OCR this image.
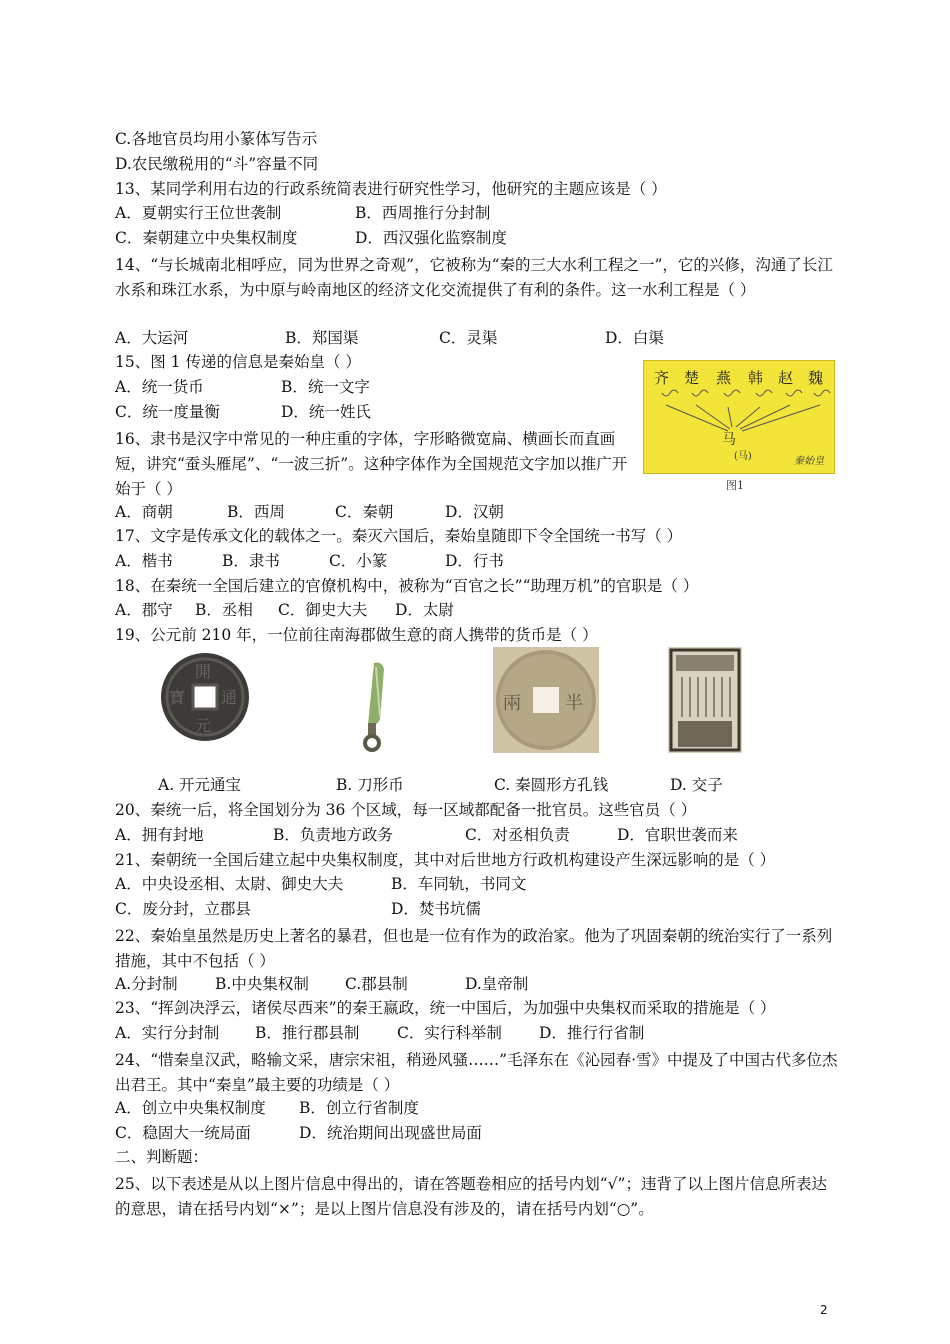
C.各地官员均用小篆体写告示
D.农民缴税用的“斗”容量不同
13、某同学利用右边的行政系统简表进行研究性学习，他研究的主题应该是（ ）
A．夏朝实行王位世袭制	B．西周推行分封制
C．秦朝建立中央集权制度	D．西汉强化监察制度
14、“与长城南北相呼应，同为世界之奇观”，它被称为“秦的三大水利工程之一”，它的兴修，沟通了长江水系和珠江水系，为中原与岭南地区的经济文化交流提供了有利的条件。这一水利工程是（ ）
A．大运河	B．郑国渠	C．灵渠	D．白渠
15、图 1 传递的信息是秦始皇（ ）
A．统一货币	B．统一文字
C．统一度量衡	D．统一姓氏
16、隶书是汉字中常见的一种庄重的字体，字形略微宽扁、横画长而直画短，讲究“蚕头雁尾”、“一波三折”。这种字体作为全国规范文字加以推广开始于（ ）
A．商朝	B．西周	C．秦朝	D．汉朝
17、文字是传承文化的载体之一。秦灭六国后，秦始皇随即下令全国统一书写（ ）
A．楷书	B．隶书	C．小篆	D．行书
18、在秦统一全国后建立的官僚机构中，被称为“百官之长”“助理万机”的官职是（ ）
A．郡守 B．丞相 C．御史大夫 D．太尉
19、公元前 210 年，一位前往南海郡做生意的商人携带的货币是（ ）
齐 楚 燕 韩 赵 魏
马
(马)	秦始皇
图1
開
通
元
寶	兩 半
A. 开元通宝	B. 刀形币	C. 秦圆形方孔钱	D. 交子
20、秦统一后，将全国划分为 36 个区域，每一区域都配备一批官员。这些官员（ ）
A．拥有封地	B．负责地方政务	C．对丞相负责	D．官职世袭而来
21、秦朝统一全国后建立起中央集权制度，其中对后世地方行政机构建设产生深远影响的是（ ）
A．中央设丞相、太尉、御史大夫	B．车同轨，书同文
C．废分封，立郡县	D．焚书坑儒
22、秦始皇虽然是历史上著名的暴君，但也是一位有作为的政治家。他为了巩固秦朝的统治实行了一系列措施，其中不包括（ ）
A.分封制 B.中央集权制 C.郡县制	D.皇帝制
23、“挥剑决浮云，诸侯尽西来”的秦王嬴政，统一中国后，为加强中央集权而采取的措施是（ ）
A．实行分封制 B．推行郡县制 C．实行科举制 D．推行行省制
24、“惜秦皇汉武，略输文采，唐宗宋祖，稍逊风骚……”毛泽东在《沁园春·雪》中提及了中国古代多位杰出君王。其中“秦皇”最主要的功绩是（ ）
A．创立中央集权制度 B．创立行省制度
C．稳固大一统局面	D．统治期间出现盛世局面
二、判断题：
25、以下表述是从以上图片信息中得出的，请在答题卷相应的括号内划“√”；违背了以上图片信息所表达的意思，请在括号内划“×”；是以上图片信息没有涉及的，请在括号内划“○”。
2
